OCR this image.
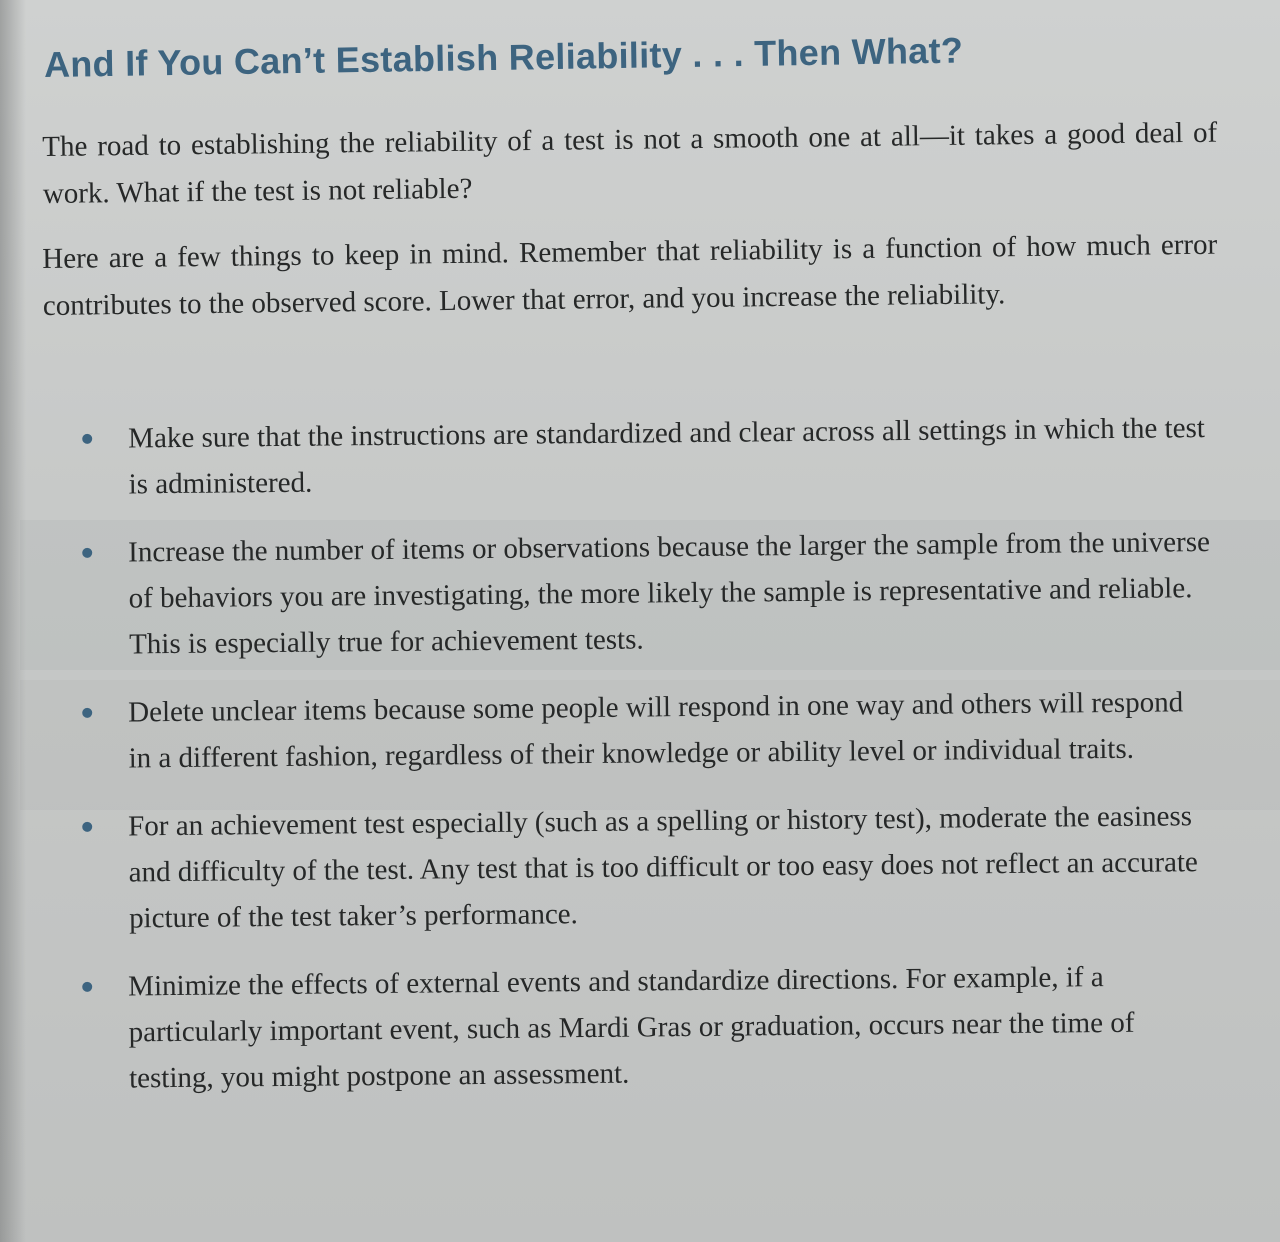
And If You Can’t Establish Reliability . . . Then What?
The road to establishing the reliability of a test is not a smooth one at all—it takes a good deal of work. What if the test is not reliable?
Here are a few things to keep in mind. Remember that reliability is a function of how much error contributes to the observed score. Lower that error, and you increase the reliability.
Make sure that the instructions are standardized and clear across all settings in which the test is administered.
Increase the number of items or observations because the larger the sample from the universe of behaviors you are investigating, the more likely the sample is representative and reliable. This is especially true for achievement tests.
Delete unclear items because some people will respond in one way and others will respond in a different fashion, regardless of their knowledge or ability level or individual traits.
For an achievement test especially (such as a spelling or history test), moderate the easiness and difficulty of the test. Any test that is too difficult or too easy does not reflect an accurate picture of the test taker’s performance.
Minimize the effects of external events and standardize directions. For example, if a particularly important event, such as Mardi Gras or graduation, occurs near the time of testing, you might postpone an assessment.
